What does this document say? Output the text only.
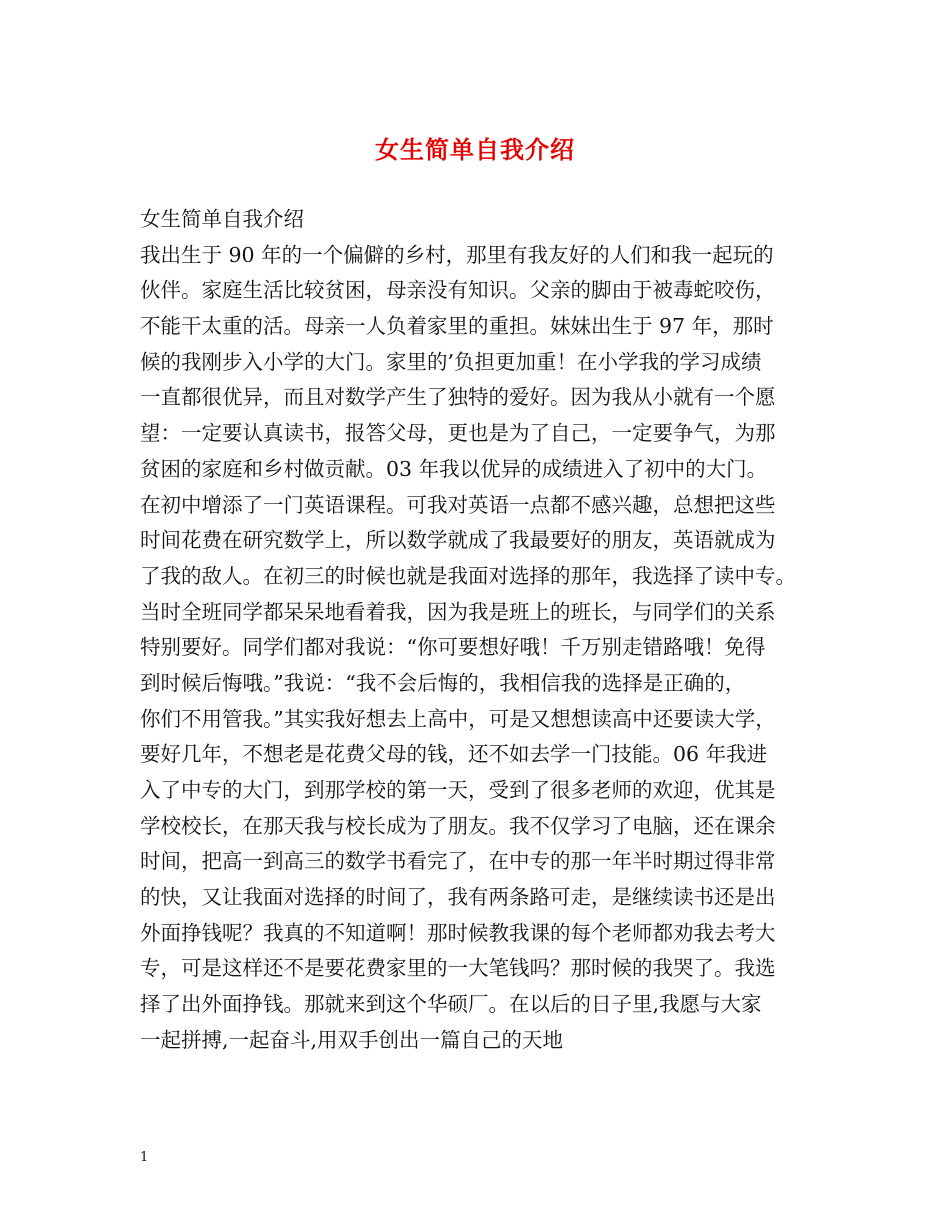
女生简单自我介绍
女生简单自我介绍
我出生于 90 年的一个偏僻的乡村，那里有我友好的人们和我一起玩的
伙伴。家庭生活比较贫困，母亲没有知识。父亲的脚由于被毒蛇咬伤，
不能干太重的活。母亲一人负着家里的重担。妹妹出生于 97 年，那时
候的我刚步入小学的大门。家里的’负担更加重！在小学我的学习成绩
一直都很优异，而且对数学产生了独特的爱好。因为我从小就有一个愿
望：一定要认真读书，报答父母，更也是为了自己，一定要争气，为那
贫困的家庭和乡村做贡献。03 年我以优异的成绩进入了初中的大门。
在初中增添了一门英语课程。可我对英语一点都不感兴趣，总想把这些
时间花费在研究数学上，所以数学就成了我最要好的朋友，英语就成为
了我的敌人。在初三的时候也就是我面对选择的那年，我选择了读中专。
当时全班同学都呆呆地看着我，因为我是班上的班长，与同学们的关系
特别要好。同学们都对我说：“你可要想好哦！千万别走错路哦！免得
到时候后悔哦。”我说：“我不会后悔的，我相信我的选择是正确的，
你们不用管我。”其实我好想去上高中，可是又想想读高中还要读大学，
要好几年，不想老是花费父母的钱，还不如去学一门技能。06 年我进
入了中专的大门，到那学校的第一天，受到了很多老师的欢迎，优其是
学校校长，在那天我与校长成为了朋友。我不仅学习了电脑，还在课余
时间，把高一到高三的数学书看完了，在中专的那一年半时期过得非常
的快，又让我面对选择的时间了，我有两条路可走，是继续读书还是出
外面挣钱呢？我真的不知道啊！那时候教我课的每个老师都劝我去考大
专，可是这样还不是要花费家里的一大笔钱吗？那时候的我哭了。我选
择了出外面挣钱。那就来到这个华硕厂。在以后的日子里,我愿与大家
一起拼搏,一起奋斗,用双手创出一篇自己的天地
1
